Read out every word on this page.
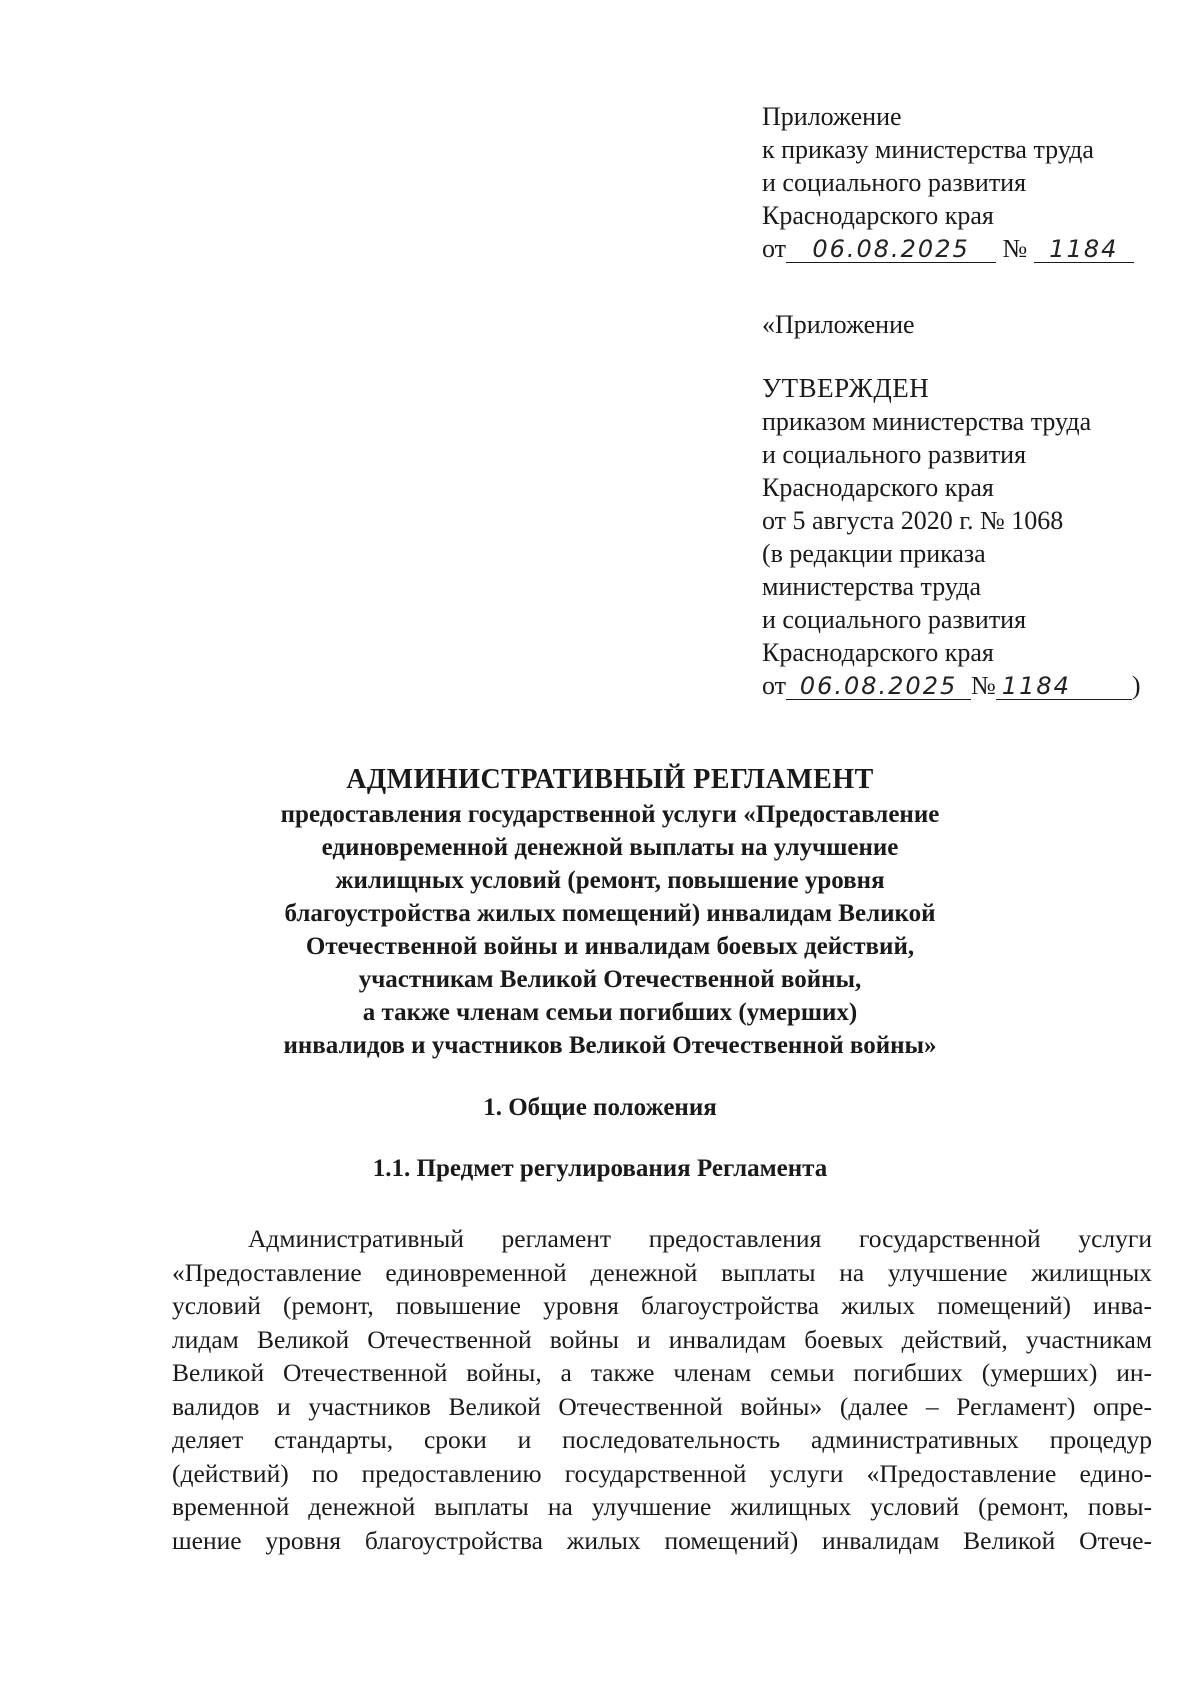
Приложение
к приказу министерства труда
и социального развития
Краснодарского края
от 06.08.2025 № 1184
«Приложение
УТВЕРЖДЕН
приказом министерства труда
и социального развития
Краснодарского края
от 5 августа 2020 г. № 1068
(в редакции приказа
министерства труда
и социального развития
Краснодарского края
от 06.08.2025 № 1184 )
АДМИНИСТРАТИВНЫЙ РЕГЛАМЕНТ
предоставления государственной услуги «Предоставление
единовременной денежной выплаты на улучшение
жилищных условий (ремонт, повышение уровня
благоустройства жилых помещений) инвалидам Великой
Отечественной войны и инвалидам боевых действий,
участникам Великой Отечественной войны,
а также членам семьи погибших (умерших)
инвалидов и участников Великой Отечественной войны»
1. Общие положения
1.1. Предмет регулирования Регламента
Административный регламент предоставления государственной услуги
«Предоставление единовременной денежной выплаты на улучшение жилищных
условий (ремонт, повышение уровня благоустройства жилых помещений) инва-
лидам Великой Отечественной войны и инвалидам боевых действий, участникам
Великой Отечественной войны, а также членам семьи погибших (умерших) ин-
валидов и участников Великой Отечественной войны» (далее – Регламент) опре-
деляет стандарты, сроки и последовательность административных процедур
(действий) по предоставлению государственной услуги «Предоставление едино-
временной денежной выплаты на улучшение жилищных условий (ремонт, повы-
шение уровня благоустройства жилых помещений) инвалидам Великой Отече-
